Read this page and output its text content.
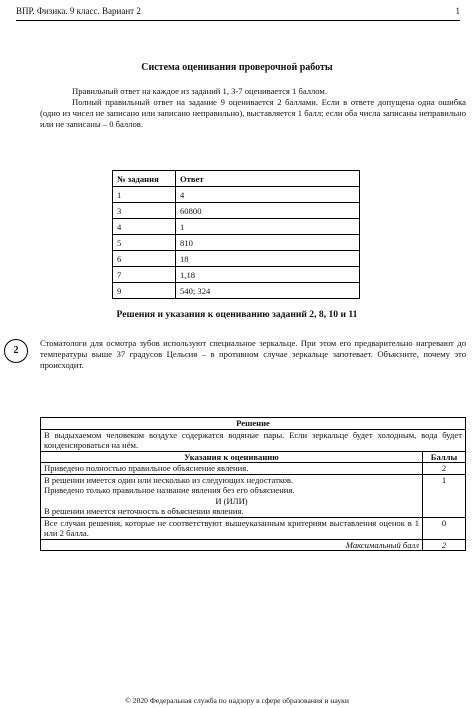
ВПР. Физика. 9 класс. Вариант 2	1
Система оценивания проверочной работы
Правильный ответ на каждое из заданий 1, 3-7 оценивается 1 баллом.
Полный правильный ответ на задание 9 оценивается 2 баллами. Если в ответе допущена одна ошибка (одно из чисел не записано или записано неправильно), выставляется 1 балл; если оба числа записаны неправильно или не записаны – 0 баллов.
№ задания	Ответ
1	4
3	60800
4	1
5	810
6	18
7	1,18
9	540; 324
Решения и указания к оцениванию заданий 2, 8, 10 и 11
2
Стоматологи для осмотра зубов используют специальное зеркальце. При этом его предварительно нагревают до температуры выше 37 градусов Цельсия – в противном случае зеркальце запотевает. Объясните, почему это происходит.
Решение	
В выдыхаемом человеком воздухе содержатся водяные пары. Если зеркальце будет холодным, вода будет конденсироваться на нём.	
Указания к оцениванию	Баллы

Приведено полностью правильное объяснение явления.	2

В решении имеется один или несколько из следующих недостатков.
Приведено только правильное название явления без его объяснения.
И (ИЛИ)
В решении имеется неточность в объяснении явления.	1

Все случаи решения, которые не соответствуют вышеуказанным критериям выставления оценок в 1 или 2 балла.	0
Максимальный балл	2
© 2020 Федеральная служба по надзору в сфере образования и науки
